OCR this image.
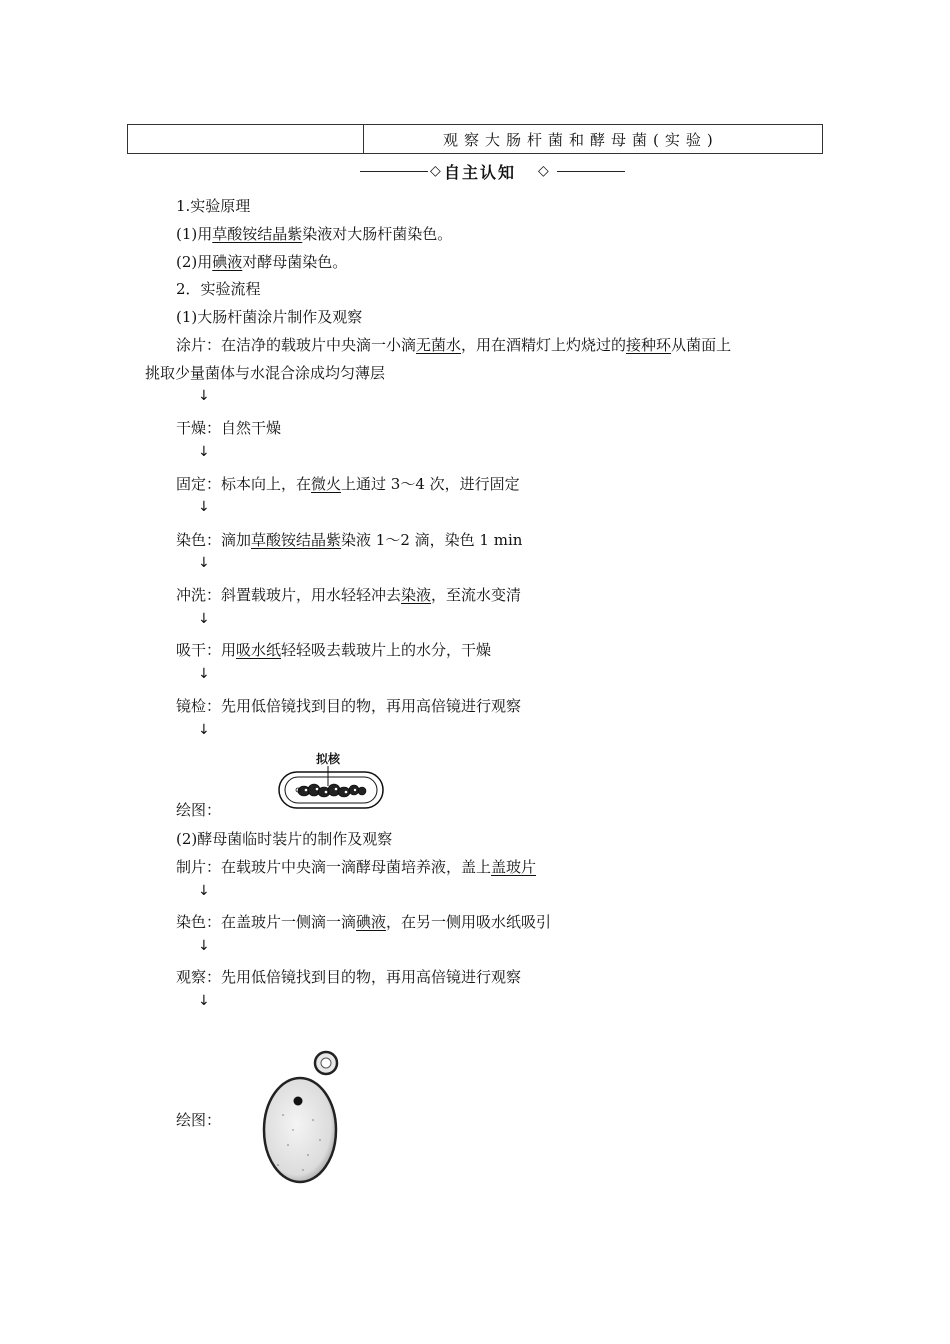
观察大肠杆菌和酵母菌(实验)
◇ 自主认知 ◇
1.实验原理
(1)用草酸铵结晶紫染液对大肠杆菌染色。
(2)用碘液对酵母菌染色。
2．实验流程
(1)大肠杆菌涂片制作及观察
涂片：在洁净的载玻片中央滴一小滴无菌水，用在酒精灯上灼烧过的接种环从菌面上
挑取少量菌体与水混合涂成均匀薄层
↓
干燥：自然干燥
↓
固定：标本向上，在微火上通过 3～4 次，进行固定
↓
染色：滴加草酸铵结晶紫染液 1～2 滴，染色 1 min
↓
冲洗：斜置载玻片，用水轻轻冲去染液，至流水变清
↓
吸干：用吸水纸轻轻吸去载玻片上的水分，干燥
↓
镜检：先用低倍镜找到目的物，再用高倍镜进行观察
↓
绘图：
拟核
(2)酵母菌临时装片的制作及观察
制片：在载玻片中央滴一滴酵母菌培养液，盖上盖玻片
↓
染色：在盖玻片一侧滴一滴碘液，在另一侧用吸水纸吸引
↓
观察：先用低倍镜找到目的物，再用高倍镜进行观察
↓
绘图：
